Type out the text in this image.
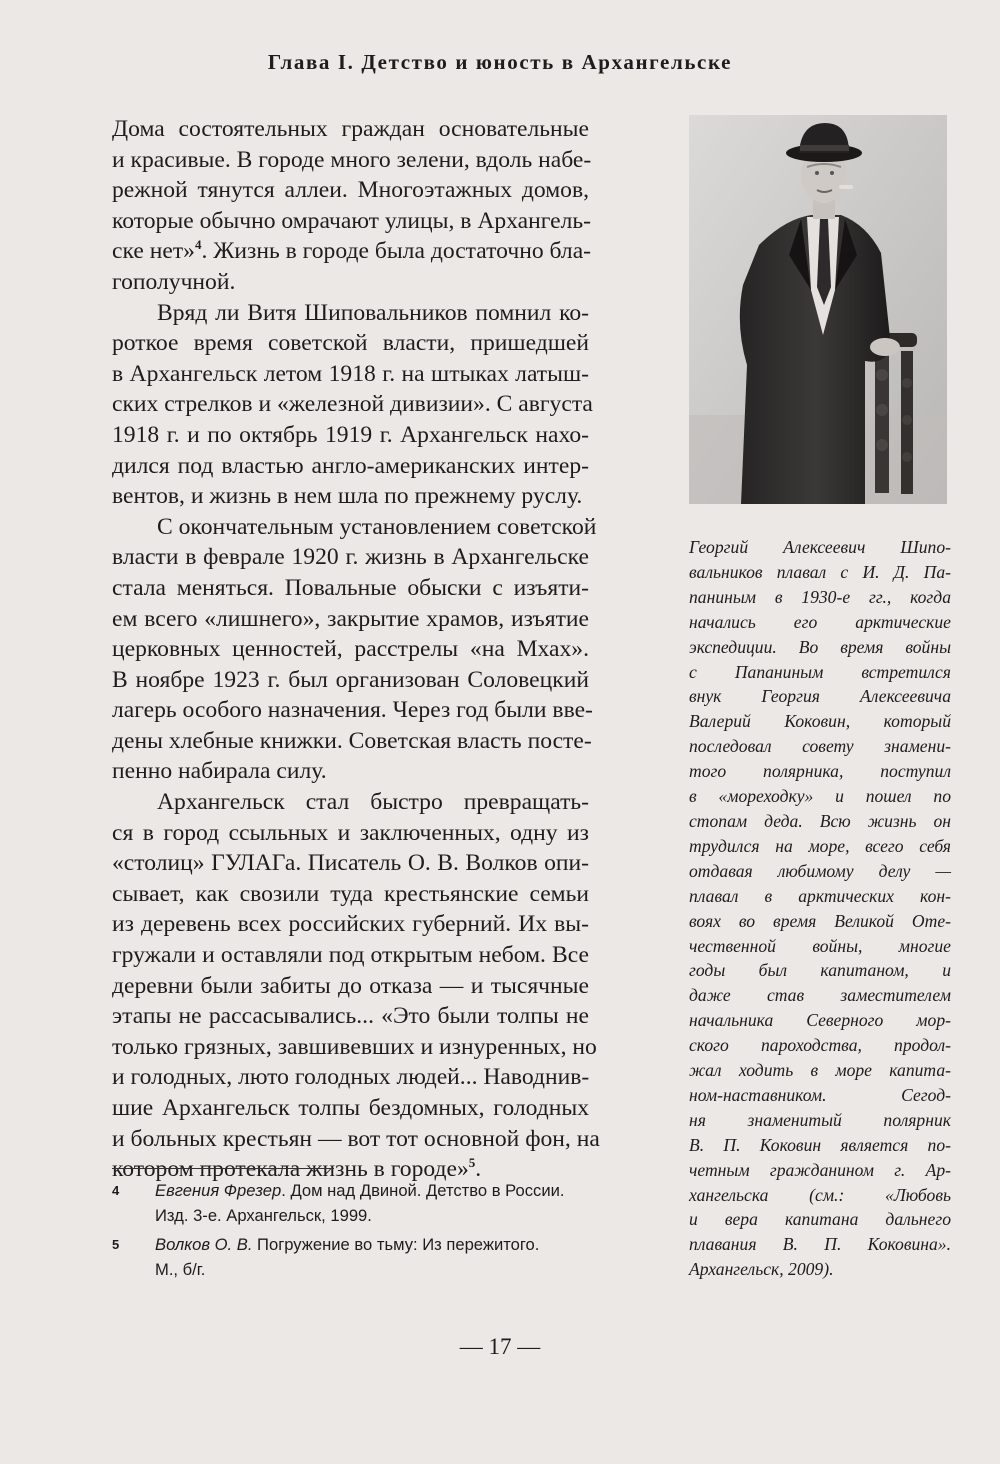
Глава I. Детство и юность в Архангельске
Дома состоятельных граждан основательные
и красивые. В городе много зелени, вдоль набе-
режной тянутся аллеи. Многоэтажных домов,
которые обычно омрачают улицы, в Архангель-
ске нет»$^4$. Жизнь в городе была достаточно бла-
гополучной.
Вряд ли Витя Шиповальников помнил ко-
роткое время советской власти, пришедшей
в Архангельск летом 1918 г. на штыках латыш-
ских стрелков и «железной дивизии». С августа
1918 г. и по октябрь 1919 г. Архангельск нахо-
дился под властью англо-американских интер-
вентов, и жизнь в нем шла по прежнему руслу.
С окончательным установлением советской
власти в феврале 1920 г. жизнь в Архангельске
стала меняться. Повальные обыски с изъяти-
ем всего «лишнего», закрытие храмов, изъятие
церковных ценностей, расстрелы «на Мхах».
В ноябре 1923 г. был организован Соловецкий
лагерь особого назначения. Через год были вве-
дены хлебные книжки. Советская власть посте-
пенно набирала силу.
Архангельск стал быстро превращать-
ся в город ссыльных и заключенных, одну из
«столиц» ГУЛАГа. Писатель О. В. Волков опи-
сывает, как свозили туда крестьянские семьи
из деревень всех российских губерний. Их вы-
гружали и оставляли под открытым небом. Все
деревни были забиты до отказа — и тысячные
этапы не рассасывались... «Это были толпы не
только грязных, завшивевших и изнуренных, но
и голодных, люто голодных людей... Наводнив-
шие Архангельск толпы бездомных, голодных
и больных крестьян — вот тот основной фон, на
котором протекала жизнь в городе»$^5$.
Георгий Алексеевич Шипо-
вальников плавал с И. Д. Па-
паниным в 1930-е гг., когда
начались его арктические
экспедиции. Во время войны
с Папаниным встретился
внук Георгия Алексеевича
Валерий Коковин, который
последовал совету знамени-
того полярника, поступил
в «мореходку» и пошел по
стопам деда. Всю жизнь он
трудился на море, всего себя
отдавая любимому делу —
плавал в арктических кон-
воях во время Великой Оте-
чественной войны, многие
годы был капитаном, и
даже став заместителем
начальника Северного мор-
ского пароходства, продол-
жал ходить в море капита-
ном-наставником. Сегод-
ня знаменитый полярник
В. П. Коковин является по-
четным гражданином г. Ар-
хангельска (см.: «Любовь
и вера капитана дальнего
плавания В. П. Коковина».
Архангельск, 2009).
4 Евгения Фрезер. Дом над Двиной. Детство в России.
Изд. 3-е. Архангельск, 1999.
5 Волков О. В. Погружение во тьму: Из пережитого.
М., б/г.
— 17 —
